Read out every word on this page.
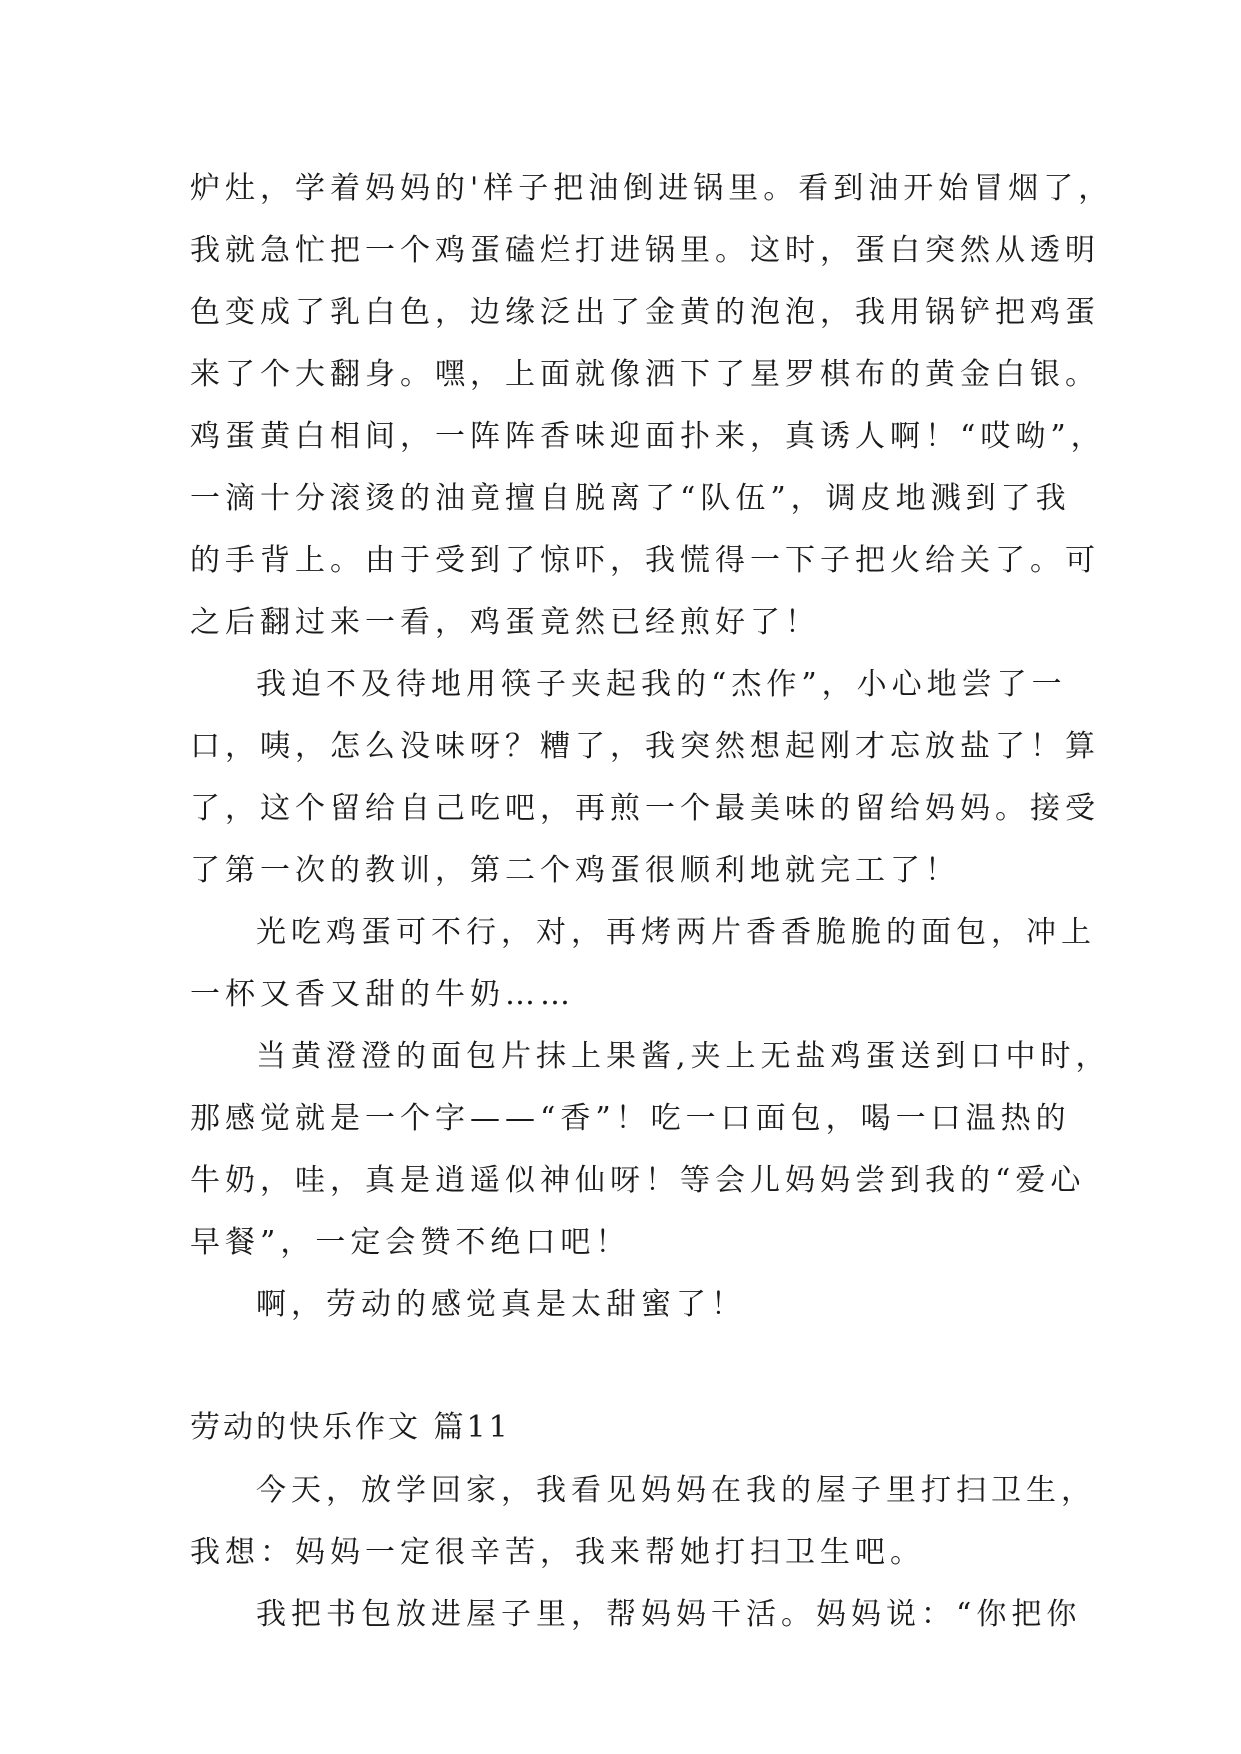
炉灶，学着妈妈的'样子把油倒进锅里。看到油开始冒烟了，
我就急忙把一个鸡蛋磕烂打进锅里。这时，蛋白突然从透明
色变成了乳白色，边缘泛出了金黄的泡泡，我用锅铲把鸡蛋
来了个大翻身。嘿，上面就像洒下了星罗棋布的黄金白银。
鸡蛋黄白相间，一阵阵香味迎面扑来，真诱人啊！“哎呦”，
一滴十分滚烫的油竟擅自脱离了“队伍”，调皮地溅到了我
的手背上。由于受到了惊吓，我慌得一下子把火给关了。可
之后翻过来一看，鸡蛋竟然已经煎好了！
我迫不及待地用筷子夹起我的“杰作”，小心地尝了一
口，咦，怎么没味呀？糟了，我突然想起刚才忘放盐了！算
了，这个留给自己吃吧，再煎一个最美味的留给妈妈。接受
了第一次的教训，第二个鸡蛋很顺利地就完工了！
光吃鸡蛋可不行，对，再烤两片香香脆脆的面包，冲上
一杯又香又甜的牛奶……
当黄澄澄的面包片抹上果酱,夹上无盐鸡蛋送到口中时，
那感觉就是一个字——“香”！吃一口面包，喝一口温热的
牛奶，哇，真是逍遥似神仙呀！等会儿妈妈尝到我的“爱心
早餐”，一定会赞不绝口吧！
啊，劳动的感觉真是太甜蜜了！
劳动的快乐作文 篇11
今天，放学回家，我看见妈妈在我的屋子里打扫卫生，
我想：妈妈一定很辛苦，我来帮她打扫卫生吧。
我把书包放进屋子里，帮妈妈干活。妈妈说：“你把你
